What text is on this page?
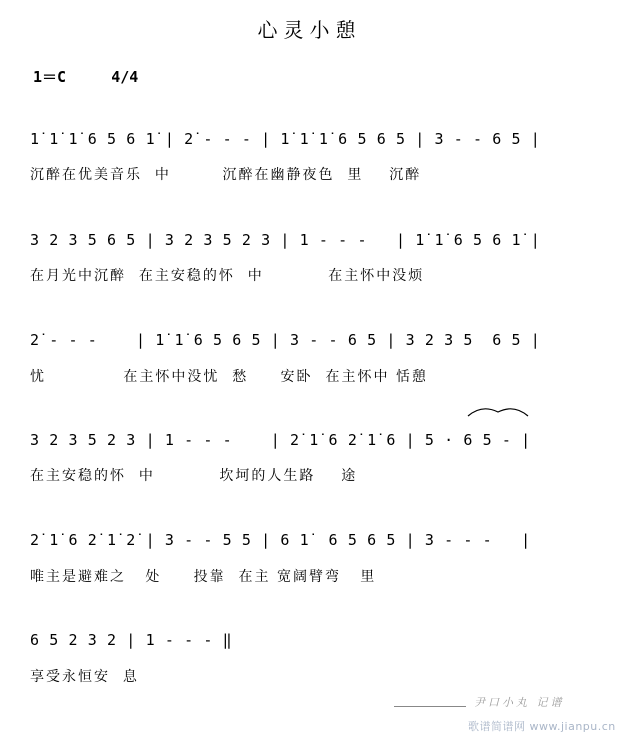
心灵小憩
1＝C     4/4
1̇ 1̇ 1̇ 6 5 6 1̇ | 2̇ - - - | 1̇ 1̇ 1̇ 6 5 6 5 | 3 - - 6 5 |
沉醉在优美音乐  中        沉醉在幽静夜色  里    沉醉
3 2 3 5 6 5 | 3 2 3 5 2 3 | 1 - - -   | 1̇ 1̇ 6 5 6 1̇ |
在月光中沉醉  在主安稳的怀  中          在主怀中没烦
2̇ - - -    | 1̇ 1̇ 6 5 6 5 | 3 - - 6 5 | 3 2 3 5  6 5 |
忧            在主怀中没忧  愁     安卧  在主怀中 恬憩
3 2 3 5 2 3 | 1 - - -    | 2̇ 1̇ 6 2̇ 1̇ 6 | 5 · 6 5 - |
在主安稳的怀  中          坎坷的人生路    途
2̇ 1̇ 6 2̇ 1̇ 2̇ | 3 - - 5 5 | 6 1̇  6 5 6 5 | 3 - - -   |
唯主是避难之   处     投靠  在主 宽阔臂弯   里
6 5 2 3 2 | 1 - - - ‖
享受永恒安  息
尹口小丸 记谱
歌谱简谱网 www.jianpu.cn
